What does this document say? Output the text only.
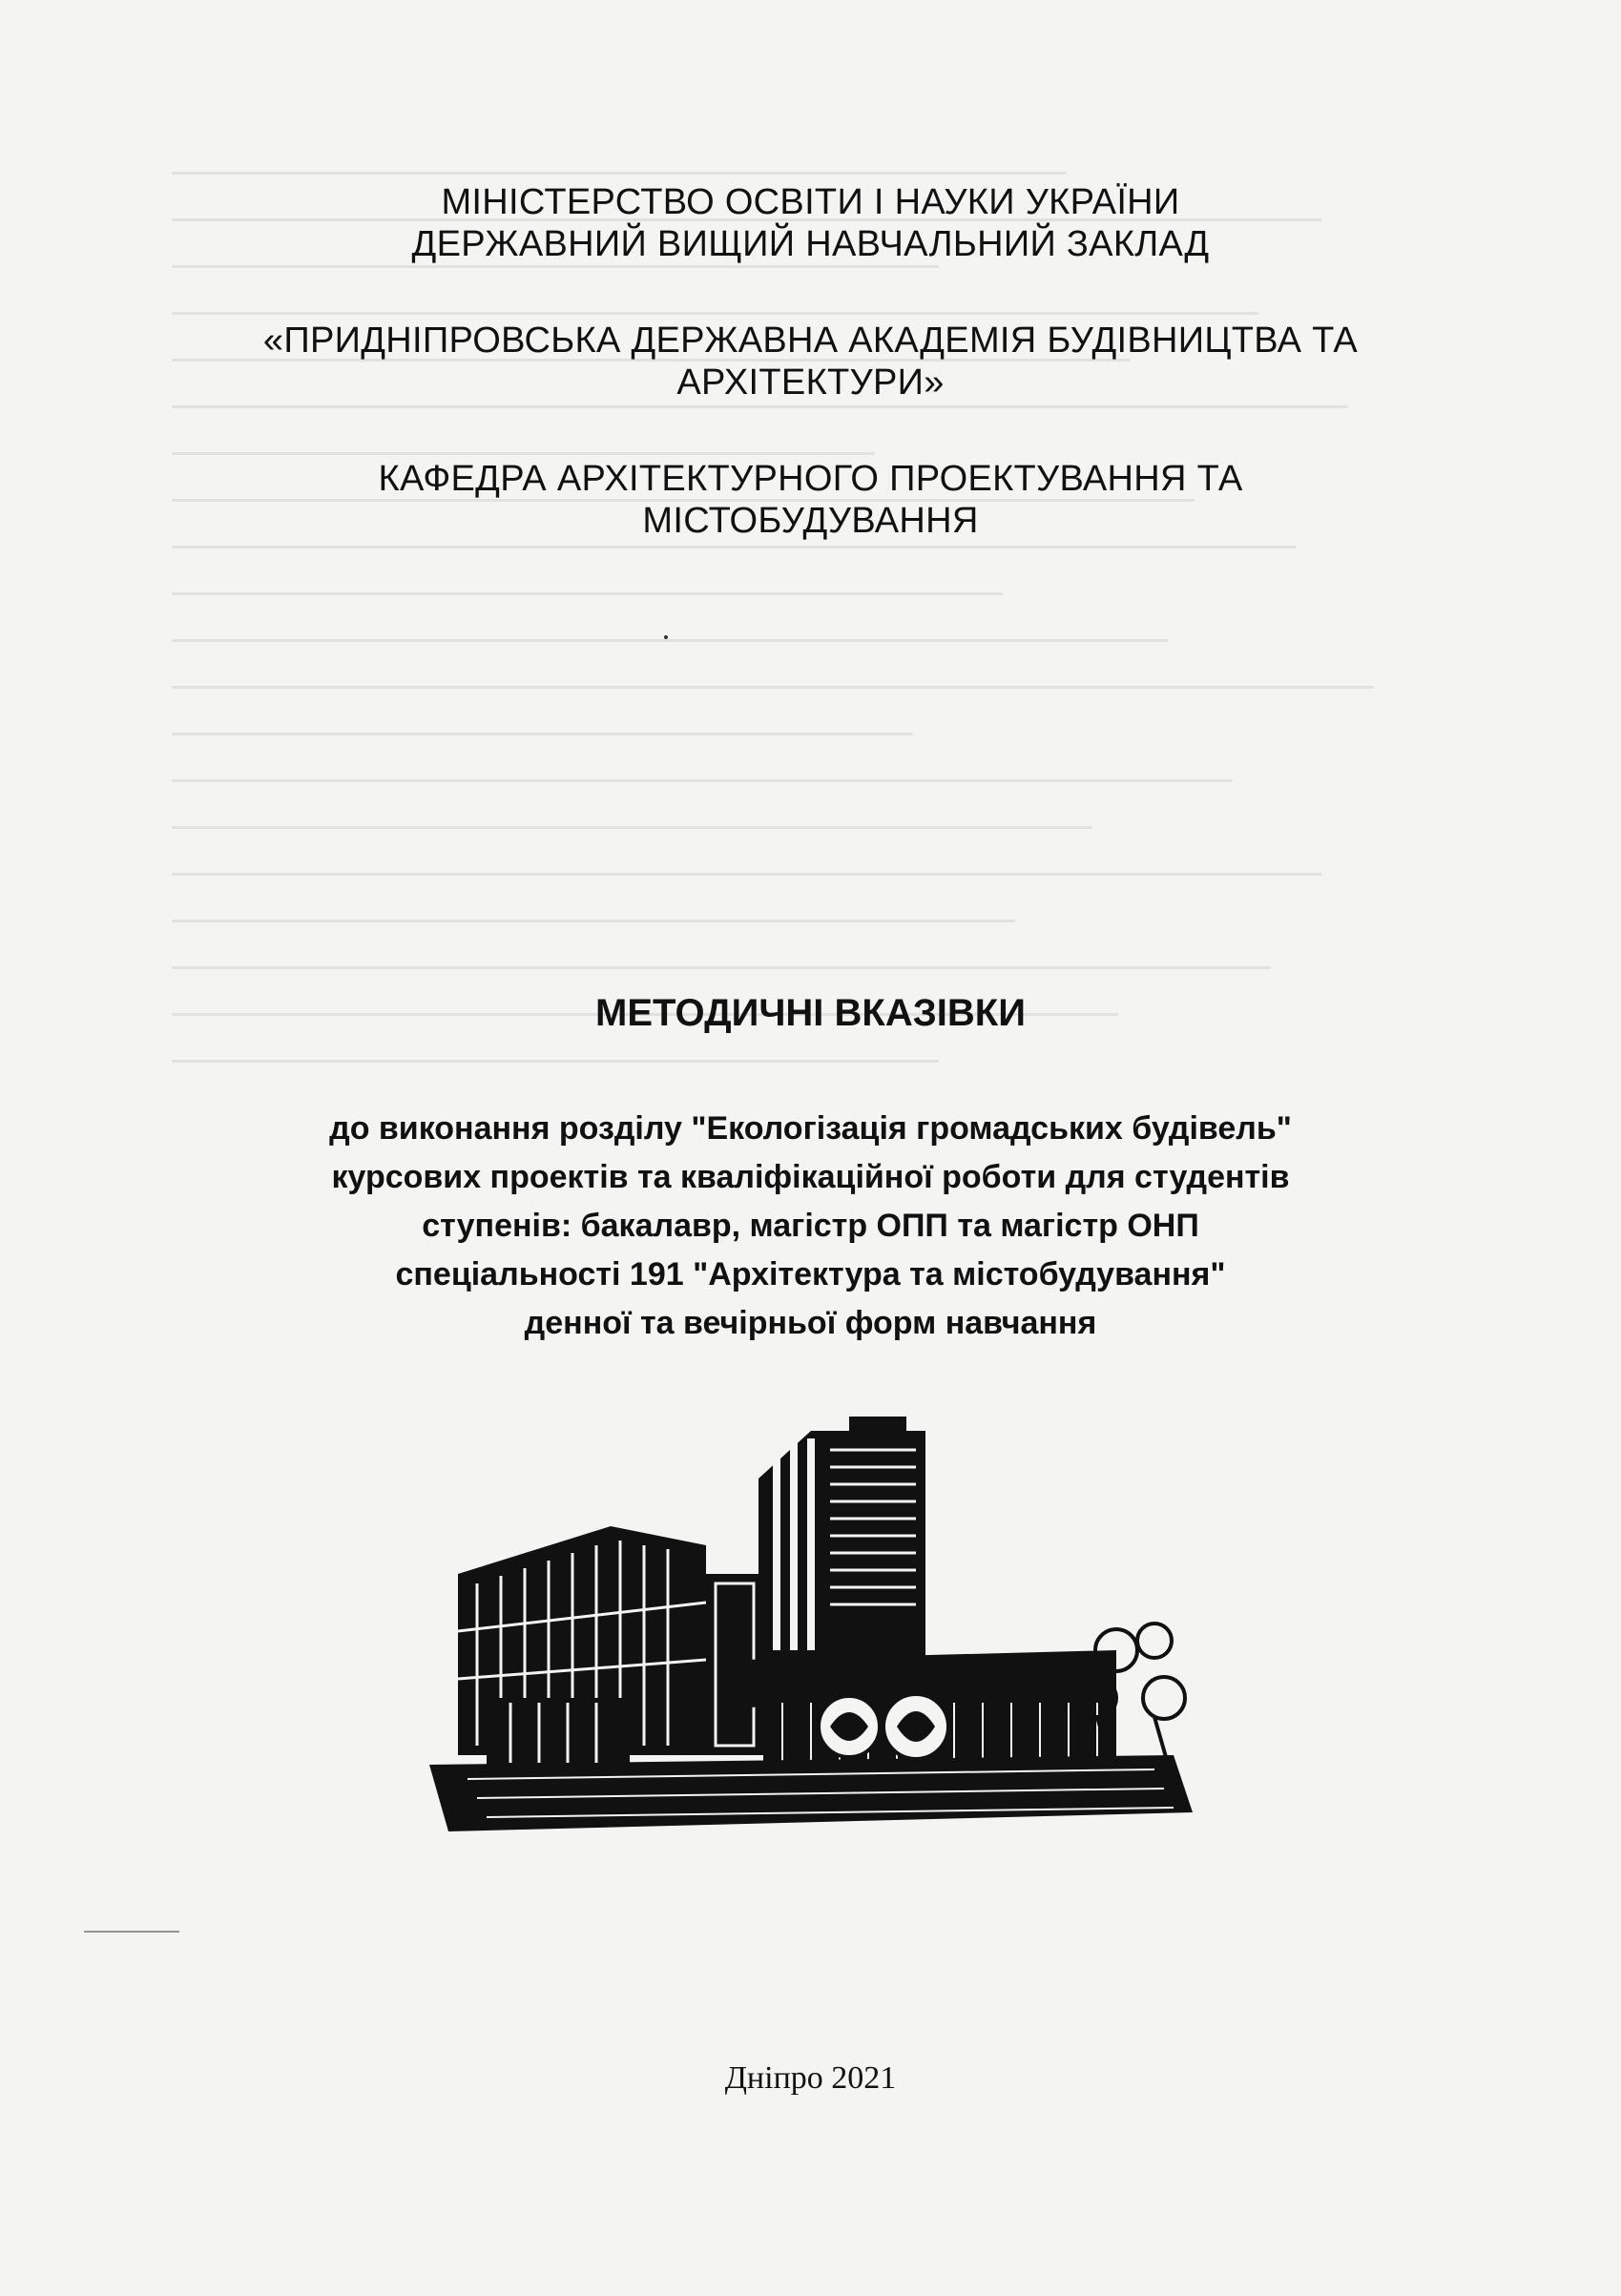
МІНІСТЕРСТВО ОСВІТИ І НАУКИ УКРАЇНИ
ДЕРЖАВНИЙ ВИЩИЙ НАВЧАЛЬНИЙ ЗАКЛАД
«ПРИДНІПРОВСЬКА ДЕРЖАВНА АКАДЕМІЯ БУДІВНИЦТВА ТА
АРХІТЕКТУРИ»
КАФЕДРА АРХІТЕКТУРНОГО ПРОЕКТУВАННЯ ТА
МІСТОБУДУВАННЯ
МЕТОДИЧНІ ВКАЗІВКИ
до виконання розділу "Екологізація громадських будівель"
курсових проектів та кваліфікаційної роботи для студентів
ступенів: бакалавр, магістр ОПП та магістр ОНП
спеціальності 191 "Архітектура та містобудування"
денної та вечірньої форм навчання
Дніпро 2021
